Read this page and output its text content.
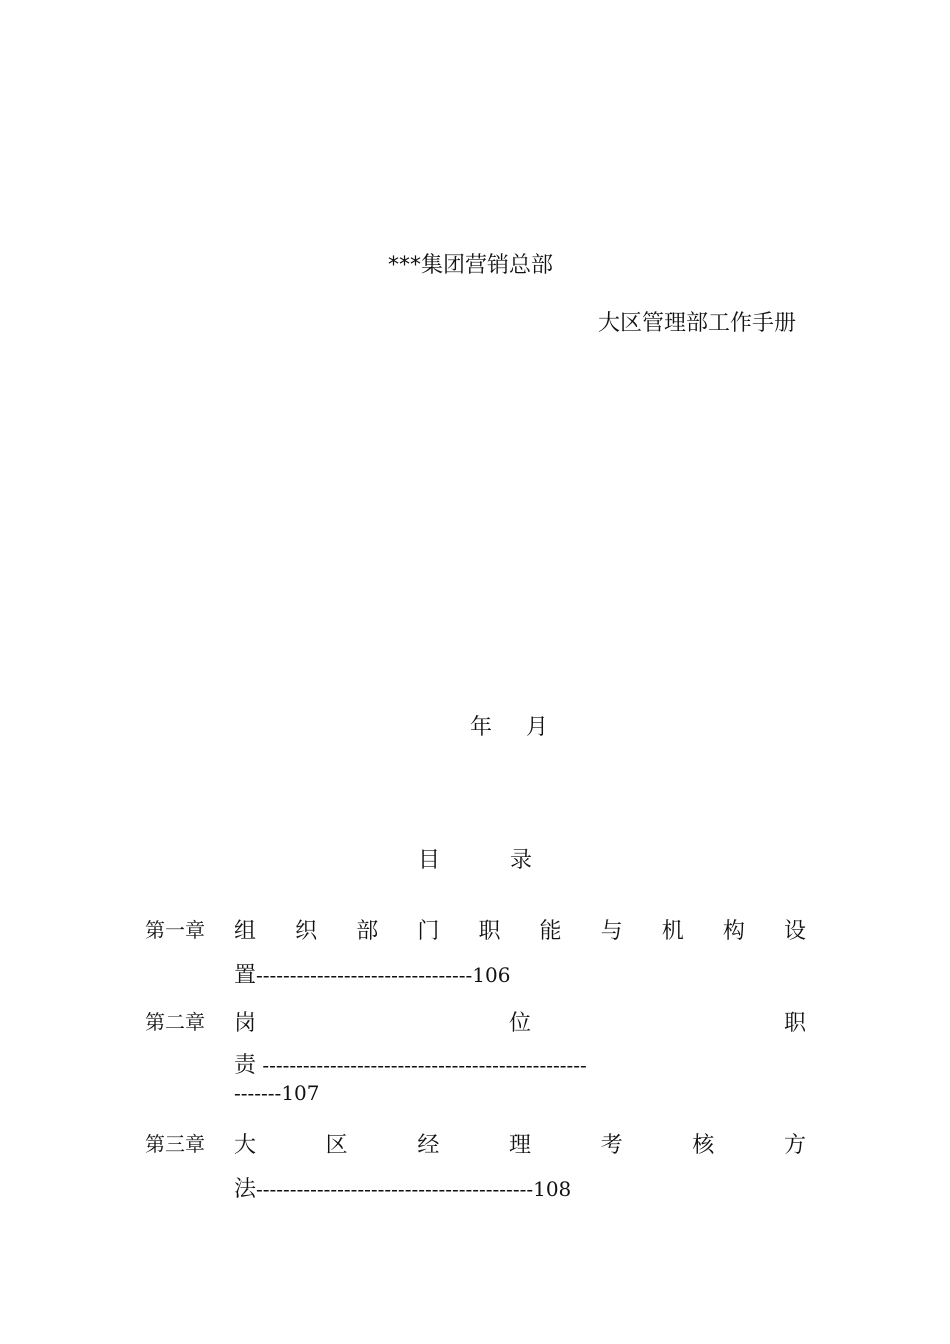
***集团营销总部
大区管理部工作手册
年 月
目	录
第一章 组 织 部 门 职 能 与 机 构 设
置--------------------------------106
第二章 岗	位	职
责 ------------------------------------------------
-------107
第三章 大	区	经	理	考	核	方
法-----------------------------------------108
